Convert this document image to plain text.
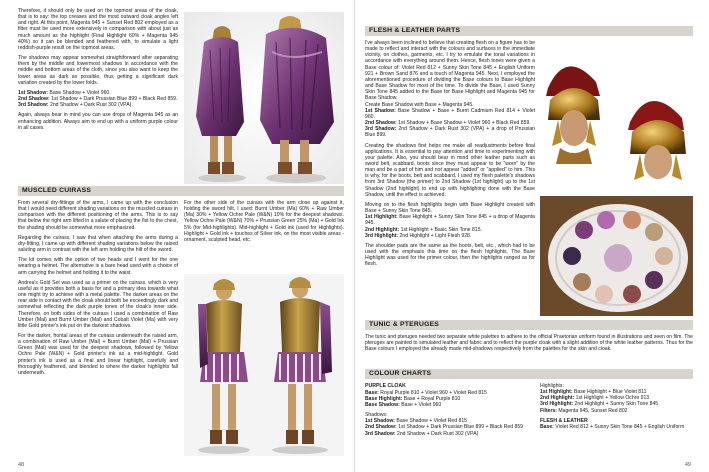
Therefore, it should only be used on the topmost areas of the cloak, that is to say: the top creases and the most outward cloak angles left and right. At this point, Magenta 945 + Sunset Red 802 employed as a filter must be used more extensively in comparison with about just as much amount as the highlight (Final Highlight 60% + Magenta 945 40%) so it can be blended and feathered with, to simulate a light reddish-purple result on the topmost areas.
The shadows may appear somewhat straightforward after separating them by the middle and lowermost shadows in accordance with the middle and bottom areas of the cloth, since you also want to keep the lower areas as dark as possible, thus getting a significant dark variation created by the lower folds.
1st Shadow: Base Shadow + Violet 960.
2nd Shadow: 1st Shadow + Dark Prussian Blue 899 + Black Red 859.
3rd Shadow: 2nd Shadow + Dark Rust 302 (VPA).
Again, always bear in mind you can use drops of Magenta 945 as an enhancing addition. Always aim to end up with a uniform purple colour in all cases.
MUSCLED CUIRASS
From several dry-fittings of the arms, I came up with the conclusion that I would need different shading variations on the muscled cuirass in comparison with the different positioning of the arms. This is to say that below the right arm lifted in a salute of placing the fist to the chest, the shading should be somewhat more emphasized.
Regarding the cuirass, I saw that when attaching the arms during a dry-fitting, I came up with different shading variations below the raised saluting arm in contrast with the left arm holding the hilt of the sword.
The kit comes with the option of two heads and I went for the one wearing a helmet. The alternative is a bare head used with a choice of arm carrying the helmet and holding it to the waist.
Andrea's Gold Set was used as a primer on the cuirass, which is very useful as it provides both a basis for and a primary idea towards what one might try to achieve with a metal palette. The darker areas on the rear side in contact with the cloak should both be exceedingly dark and somewhat reflecting the dark purple tones of the cloak's inner side. Therefore, on both sides of the cuirass I used a combination of Raw Umber (Mal) and Burnt Umber (Mal) and Cobalt Violet (Ma) with very little Gold printer's ink put on the darkest shadows.
For the darker, frontal areas of the cuirass underneath the raised arm, a combination of Raw Umber (Mal) + Burnt Umber (Mal) + Prussian Green (Mal) was used for the deepest shadows, followed by Yellow Ochre Pale (W&N) + Gold printer's ink as a mid-highlight. Gold printer's ink is used as a final and linear highlight, carefully and thoroughly feathered, and blended to where the darker highlights fall underneath.
For the other side of the cuirass with the arm close up against it, holding the sword hilt, I used: Burnt Umber (Ma) 60% + Raw Umber (Ma) 30% + Yellow Ochre Pale (W&N) 10% for the deepest shadows. Yellow Ochre Pale (W&N) 70% + Prussian Green 25% (Ma) + Gold Ink 5% (for Mid-highlights). Mid-highlight + Gold ink (used for Highlights). Highlight + Gold ink + touches of Silver ink, on the most visible areas - ornament, sculpted head, etc.
48
FLESH & LEATHER PARTS
I've always been inclined to believe that creating flesh on a figure has to be made to reflect and interact with the colours and surfaces in the immediate vicinity, on clothes, garments, etc. I try to emulate the tonal variations in accordance with everything around them. Hence, flesh tones were given a Base colour of: Violet Red 812 + Sunny Skin Tone 845 + English Uniform 921 + Brown Sand 876 and a touch of Magenta 945. Next, I employed the aforementioned procedure of dividing the Base colours to Base Highlight and Base Shadow for most of the time. To divide the Base, I used Sunny Skin Tone 845 added to the Base for Base Highlight and Magenta 945 for Base Shadow.
Create Base Shadow with Base + Magenta 945.
1st Shadow: Base Shadow + Base + Burnt Cadmium Red 814 + Violet 960.
2nd Shadow: 1st Shadow + Base Shadow + Violet 960 + Black Red 859.
3rd Shadow: 2nd Shadow + Dark Rust 302 (VPA) + a drop of Prussian Blue 899.
Creating the shadows first helps me make all readjustments before final applications. It is essential to pay attention and time to experimenting with your palette. Also, you should bear in mind other leather parts such as sword belt, scabbard, boots since they must appear to be "worn" by the man and be a part of him and not appear "added" or "applied" to him. This is why, for the boots, belt and scabbard, I used my flesh palette's shadows from 3rd Shadow (the primer) to 2nd Shadow (1st highlight) up to the 1st Shadow (2nd highlight) to end up with highlighting done with the Base Shadow, until the effect is achieved.
Moving on to the flesh highlights begin with Base Highlight created with Base + Sunny Skin Tone 845.
1st Highlight: Base Highlight + Sunny Skin Tone 845 + a drop of Magenta 945.
2nd Highlight: 1st Highlight + Basic Skin Tone 815.
3rd Highlight: 2nd Highlight + Light Flesh 928.
The shoulder pads are the same as the boots, belt, etc., which had to be used with the emphasis this time on the flesh highlights. The Base Highlight was used for the primer colour, then the highlights ranged as for flesh.
TUNIC & PTERUGES
The tunic and pteruges needed two separate white palettes to adhere to the official Praetorian uniform found in illustrations and seen on film. The pteruges are painted to simulated leather and fabric and to reflect the purple cloak with a slight addition of the white leather patterns. Thus for the Base colours I employed the already made mid-shadows respectively from the palettes for the skin and cloak.
COLOUR CHARTS
PURPLE CLOAK
Base: Royal Purple 810 + Violet 960 + Violet Red 815
Base Highlight: Base + Royal Purple 810
Base Shadow: Base + Violet 960
Shadows:
1st Shadow: Base Shadow + Violet Red 815
2nd Shadow: 1st Shadow + Dark Prussian Blue 899 + Black Red 859
3rd Shadow: 2nd Shadow + Dark Rust 302 (VPA)
Highlights:
1st Highlight: Base Highlight + Blue Violet 811
2nd Highlight: 1st Highlight + Yellow Ochre 913
3rd Highlight: 2nd Highlight + Sunny Skin Tone 845
Filters: Magenta 945, Sunset Red 802
FLESH & LEATHER
Base: Violet Red 812 + Sunny Skin Tone 845 + English Uniform
49
